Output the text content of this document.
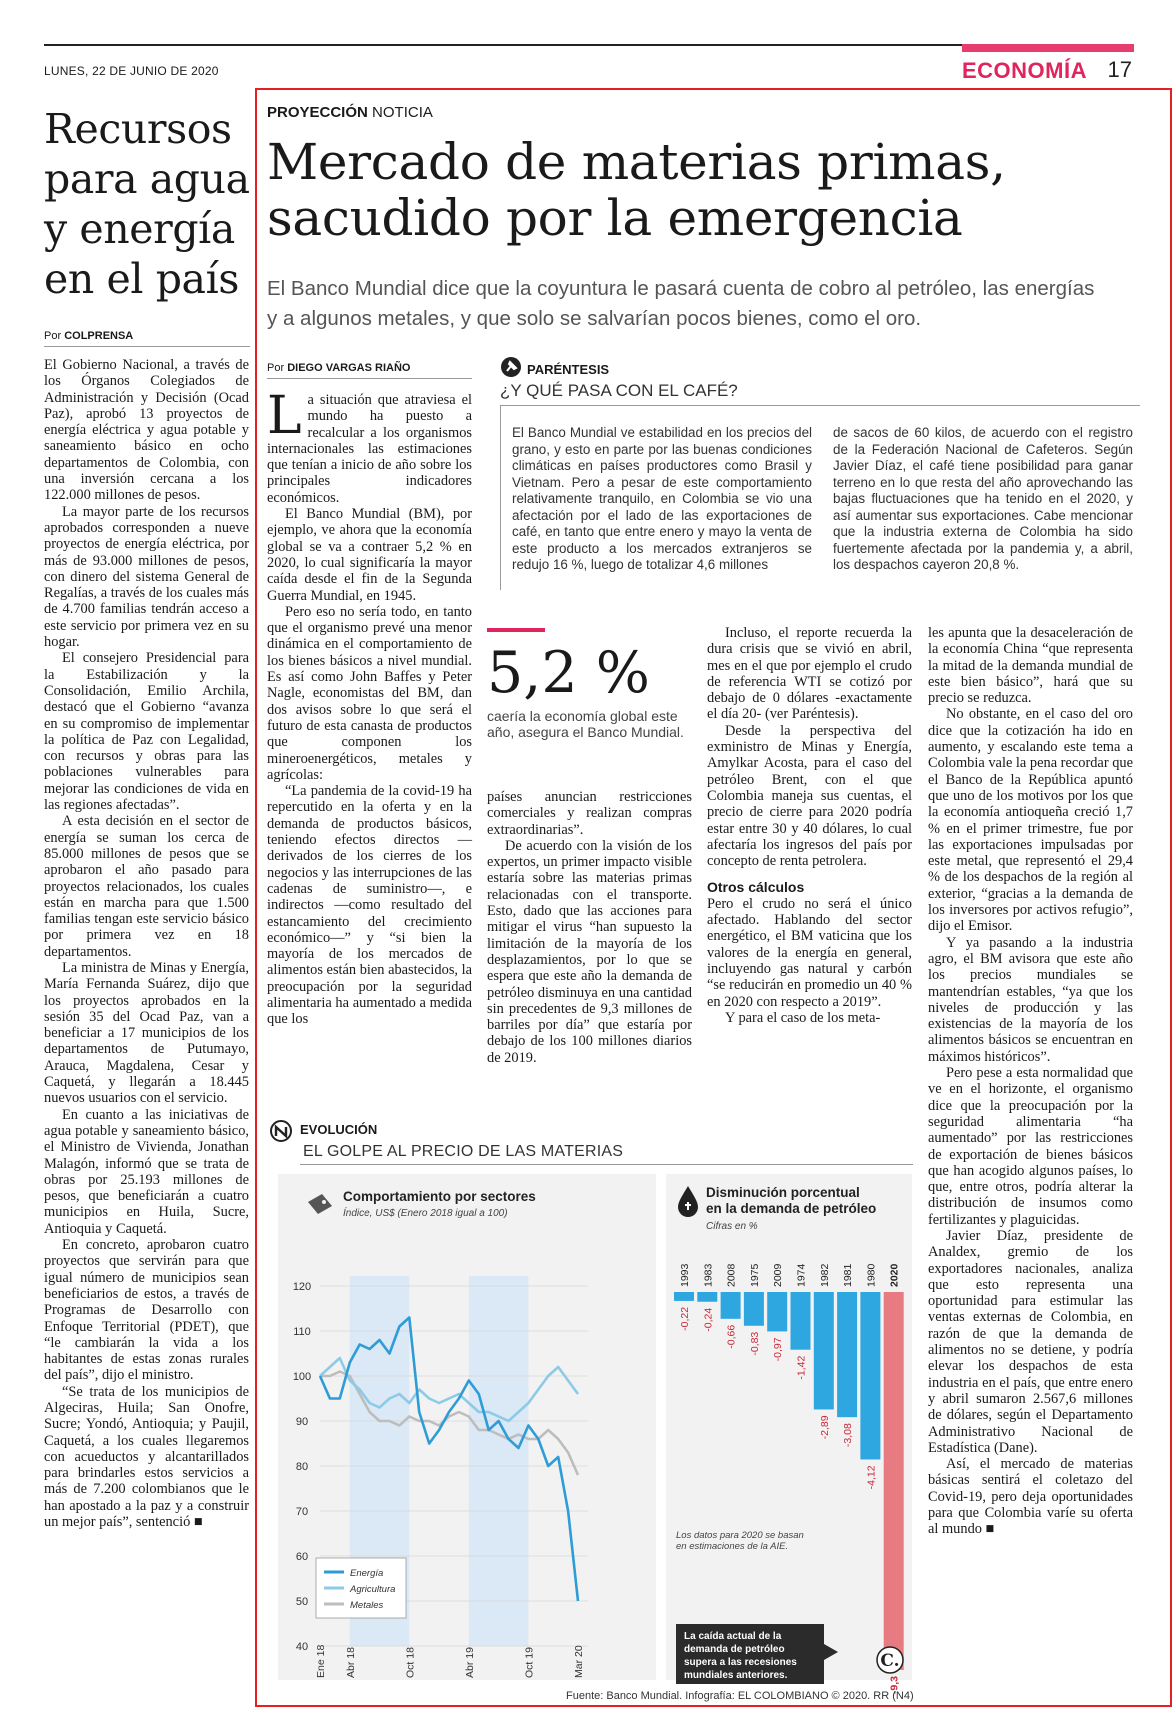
LUNES, 22 DE JUNIO DE 2020	ECONOMÍA 17
Recursos para agua y energía en el país
Por COLPRENSA

El Gobierno Nacional, a través de los Órganos Colegiados de Administración y Decisión (Ocad Paz), aprobó 13 proyectos de energía eléctrica y agua potable y saneamiento básico en ocho departamentos de Colombia, con una inversión cercana a los 122.000 millones de pesos.

La mayor parte de los recursos aprobados corresponden a nueve proyectos de energía eléctrica, por más de 93.000 millones de pesos, con dinero del sistema General de Regalías, a través de los cuales más de 4.700 familias tendrán acceso a este servicio por primera vez en su hogar.

El consejero Presidencial para la Estabilización y la Consolidación, Emilio Archila, destacó que el Gobierno “avanza en su compromiso de implementar la política de Paz con Legalidad, con recursos y obras para las poblaciones vulnerables para mejorar las condiciones de vida en las regiones afectadas”.

A esta decisión en el sector de energía se suman los cerca de 85.000 millones de pesos que se aprobaron el año pasado para proyectos relacionados, los cuales están en marcha para que 1.500 familias tengan este servicio básico por primera vez en 18 departamentos.

La ministra de Minas y Energía, María Fernanda Suárez, dijo que los proyectos aprobados en la sesión 35 del Ocad Paz, van a beneficiar a 17 municipios de los departamentos de Putumayo, Arauca, Magdalena, Cesar y Caquetá, y llegarán a 18.445 nuevos usuarios con el servicio.

En cuanto a las iniciativas de agua potable y saneamiento básico, el Ministro de Vivienda, Jonathan Malagón, informó que se trata de obras por 25.193 millones de pesos, que beneficiarán a cuatro municipios en Huila, Sucre, Antioquia y Caquetá.

En concreto, aprobaron cuatro proyectos que servirán para que igual número de municipios sean beneficiarios de estos, a través de Programas de Desarrollo con Enfoque Territorial (PDET), que “le cambiarán la vida a los habitantes de estas zonas rurales del país”, dijo el ministro.

“Se trata de los municipios de Algeciras, Huila; San Onofre, Sucre; Yondó, Antioquia; y Paujil, Caquetá, a los cuales llegaremos con acueductos y alcantarillados para brindarles estos servicios a más de 7.200 colombianos que le han apostado a la paz y a construir un mejor país”, sentenció ■

PROYECCIÓN NOTICIA
Mercado de materias primas, sacudido por la emergencia
El Banco Mundial dice que la coyuntura le pasará cuenta de cobro al petróleo, las energías y a algunos metales, y que solo se salvarían pocos bienes, como el oro.
Por DIEGO VARGAS RIAÑO

La situación que atraviesa el mundo ha puesto a recalcular a los organismos internacionales las estimaciones que tenían a inicio de año sobre los principales indicadores económicos.

El Banco Mundial (BM), por ejemplo, ve ahora que la economía global se va a contraer 5,2 % en 2020, lo cual significaría la mayor caída desde el fin de la Segunda Guerra Mundial, en 1945.

Pero eso no sería todo, en tanto que el organismo prevé una menor dinámica en el comportamiento de los bienes básicos a nivel mundial. Es así como John Baffes y Peter Nagle, economistas del BM, dan dos avisos sobre lo que será el futuro de esta canasta de productos que componen los mineroenergéticos, metales y agrícolas:

“La pandemia de la covid-19 ha repercutido en la oferta y en la demanda de productos básicos, teniendo efectos directos —derivados de los cierres de los negocios y las interrupciones de las cadenas de suministro—, e indirectos —como resultado del estancamiento del crecimiento económico—” y “si bien la mayoría de los mercados de alimentos están bien abastecidos, la preocupación por la seguridad alimentaria ha aumentado a medida que los

PARÉNTESIS
¿Y QUÉ PASA CON EL CAFÉ?
El Banco Mundial ve estabilidad en los precios del grano, y esto en parte por las buenas condiciones climáticas en países productores como Brasil y Vietnam. Pero a pesar de este comportamiento relativamente tranquilo, en Colombia se vio una afectación por el lado de las exportaciones de café, en tanto que entre enero y mayo la venta de este producto a los mercados extranjeros se redujo 16 %, luego de totalizar 4,6 millones
de sacos de 60 kilos, de acuerdo con el registro de la Federación Nacional de Cafeteros. Según Javier Díaz, el café tiene posibilidad para ganar terreno en lo que resta del año aprovechando las bajas fluctuaciones que ha tenido en el 2020, y así aumentar sus exportaciones. Cabe mencionar que la industria externa de Colombia ha sido fuertemente afectada por la pandemia y, a abril, los despachos cayeron 20,8 %.
5,2 %
caería la economía global este año, asegura el Banco Mundial.

países anuncian restricciones comerciales y realizan compras extraordinarias”.

De acuerdo con la visión de los expertos, un primer impacto visible estaría sobre las materias primas relacionadas con el transporte. Esto, dado que las acciones para mitigar el virus “han supuesto la limitación de la mayoría de los desplazamientos, por lo que se espera que este año la demanda de petróleo disminuya en una cantidad sin precedentes de 9,3 millones de barriles por día” que estaría por debajo de los 100 millones diarios de 2019.

Incluso, el reporte recuerda la dura crisis que se vivió en abril, mes en el que por ejemplo el crudo de referencia WTI se cotizó por debajo de 0 dólares -exactamente el día 20- (ver Paréntesis).

Desde la perspectiva del exministro de Minas y Energía, Amylkar Acosta, para el caso del petróleo Brent, con el que Colombia maneja sus cuentas, el precio de cierre para 2020 podría estar entre 30 y 40 dólares, lo cual afectaría los ingresos del país por concepto de renta petrolera.

Otros cálculos

Pero el crudo no será el único afectado. Hablando del sector energético, el BM vaticina que los valores de la energía en general, incluyendo gas natural y carbón “se reducirán en promedio un 40 % en 2020 con respecto a 2019”.

Y para el caso de los meta-

les apunta que la desaceleración de la economía China “que representa la mitad de la demanda mundial de este bien básico”, hará que su precio se reduzca.

No obstante, en el caso del oro dice que la cotización ha ido en aumento, y escalando este tema a Colombia vale la pena recordar que el Banco de la República apuntó que uno de los motivos por los que la economía antioqueña creció 1,7 % en el primer trimestre, fue por las exportaciones impulsadas por este metal, que representó el 29,4 % de los despachos de la región al exterior, “gracias a la demanda de los inversores por activos refugio”, dijo el Emisor.

Y ya pasando a la industria agro, el BM avisora que este año los precios mundiales se mantendrían estables, “ya que los niveles de producción y las existencias de la mayoría de los alimentos básicos se encuentran en máximos históricos”.

Pero pese a esta normalidad que ve en el horizonte, el organismo dice que la preocupación por la seguridad alimentaria “ha aumentado” por las restricciones de exportación de bienes básicos que han acogido algunos países, lo que, entre otros, podría alterar la distribución de insumos como fertilizantes y plaguicidas.

Javier Díaz, presidente de Analdex, gremio de los exportadores nacionales, analiza que esto representa una oportunidad para estimular las ventas externas de Colombia, en razón de que la demanda de alimentos no se detiene, y podría elevar los despachos de esta industria en el país, que entre enero y abril sumaron 2.567,6 millones de dólares, según el Departamento Administrativo Nacional de Estadística (Dane).

Así, el mercado de materias básicas sentirá el coletazo del Covid-19, pero deja oportunidades para que Colombia varíe su oferta al mundo ■

EVOLUCIÓN
EL GOLPE AL PRECIO DE LAS MATERIAS
Comportamiento por sectores
Índice, US$ (Enero 2018 igual a 100)
40
50
60
70
80
90
100
110
120
Ene 18 Abr 18	Oct 18	Abr 19	Oct 19	Mar 20
Energía
Agricultura
Metales
Disminución porcentual
en la demanda de petróleo
Cifras en %
1993
-0,22
1983
-0,24
2008
-0,66
1975
-0,83
2009
-0,97
1974
-1,42
1982
-2,89
1981
-3,08
1980
-4,12
2020
-9,3
Los datos para 2020 se basan en estimaciones de la AIE.
La caída actual de la demanda de petróleo supera a las recesiones mundiales anteriores.
C.
Fuente: Banco Mundial. Infografía: EL COLOMBIANO © 2020. RR (N4)
